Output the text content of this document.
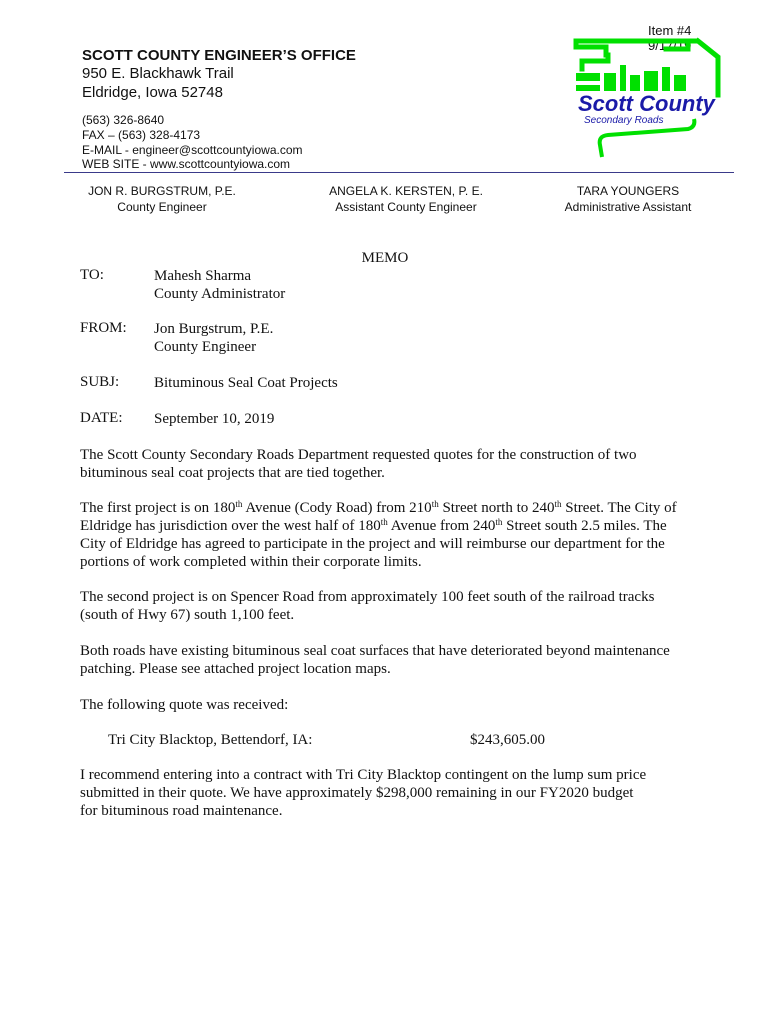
Item #4
9/17/19
SCOTT COUNTY ENGINEER’S OFFICE
950 E. Blackhawk Trail
Eldridge, Iowa 52748
(563) 326-8640
FAX – (563) 328-4173
E-MAIL - engineer@scottcountyiowa.com
WEB SITE - www.scottcountyiowa.com
Scott County
Secondary Roads
JON R. BURGSTRUM, P.E.
County Engineer
ANGELA K. KERSTEN, P. E.
Assistant County Engineer
TARA YOUNGERS
Administrative Assistant
MEMO
TO:	Mahesh Sharma
County Administrator
FROM: Jon Burgstrum, P.E.
County Engineer
SUBJ: Bituminous Seal Coat Projects
DATE: September 10, 2019
The Scott County Secondary Roads Department requested quotes for the construction of two
bituminous seal coat projects that are tied together.
The first project is on 180th Avenue (Cody Road) from 210th Street north to 240th Street. The City of
Eldridge has jurisdiction over the west half of 180th Avenue from 240th Street south 2.5 miles. The
City of Eldridge has agreed to participate in the project and will reimburse our department for the
portions of work completed within their corporate limits.
The second project is on Spencer Road from approximately 100 feet south of the railroad tracks
(south of Hwy 67) south 1,100 feet.
Both roads have existing bituminous seal coat surfaces that have deteriorated beyond maintenance
patching. Please see attached project location maps.
The following quote was received:
Tri City Blacktop, Bettendorf, IA:	$243,605.00
I recommend entering into a contract with Tri City Blacktop contingent on the lump sum price
submitted in their quote. We have approximately $298,000 remaining in our FY2020 budget
for bituminous road maintenance.
